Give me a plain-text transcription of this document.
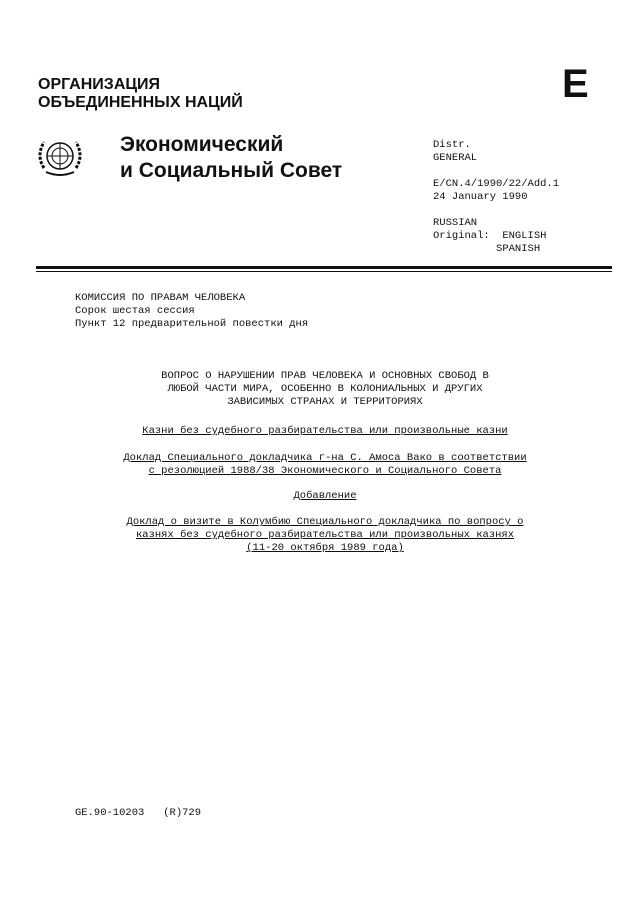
ОРГАНИЗАЦИЯ
ОБЪЕДИНЕННЫХ НАЦИЙ	E
Экономический
и Социальный Совет
Distr.
GENERAL
E/CN.4/1990/22/Add.1
24 January 1990
RUSSIAN
Original: ENGLISH
SPANISH
КОМИССИЯ ПО ПРАВАМ ЧЕЛОВЕКА
Сорок шестая сессия
Пункт 12 предварительной повестки дня
ВОПРОС О НАРУШЕНИИ ПРАВ ЧЕЛОВЕКА И ОСНОВНЫХ СВОБОД В
ЛЮБОЙ ЧАСТИ МИРА, ОСОБЕННО В КОЛОНИАЛЬНЫХ И ДРУГИХ
ЗАВИСИМЫХ СТРАНАХ И ТЕРРИТОРИЯХ
Казни без судебного разбирательства или произвольные казни
Доклад Специального докладчика г-на С. Амоса Вако в соответствии
с резолюцией 1988/38 Экономического и Социального Совета
Добавление
Доклад о визите в Колумбию Специального докладчика по вопросу о
казнях без судебного разбирательства или произвольных казнях
(11-20 октября 1989 года)
GE.90-10203 (R)729
